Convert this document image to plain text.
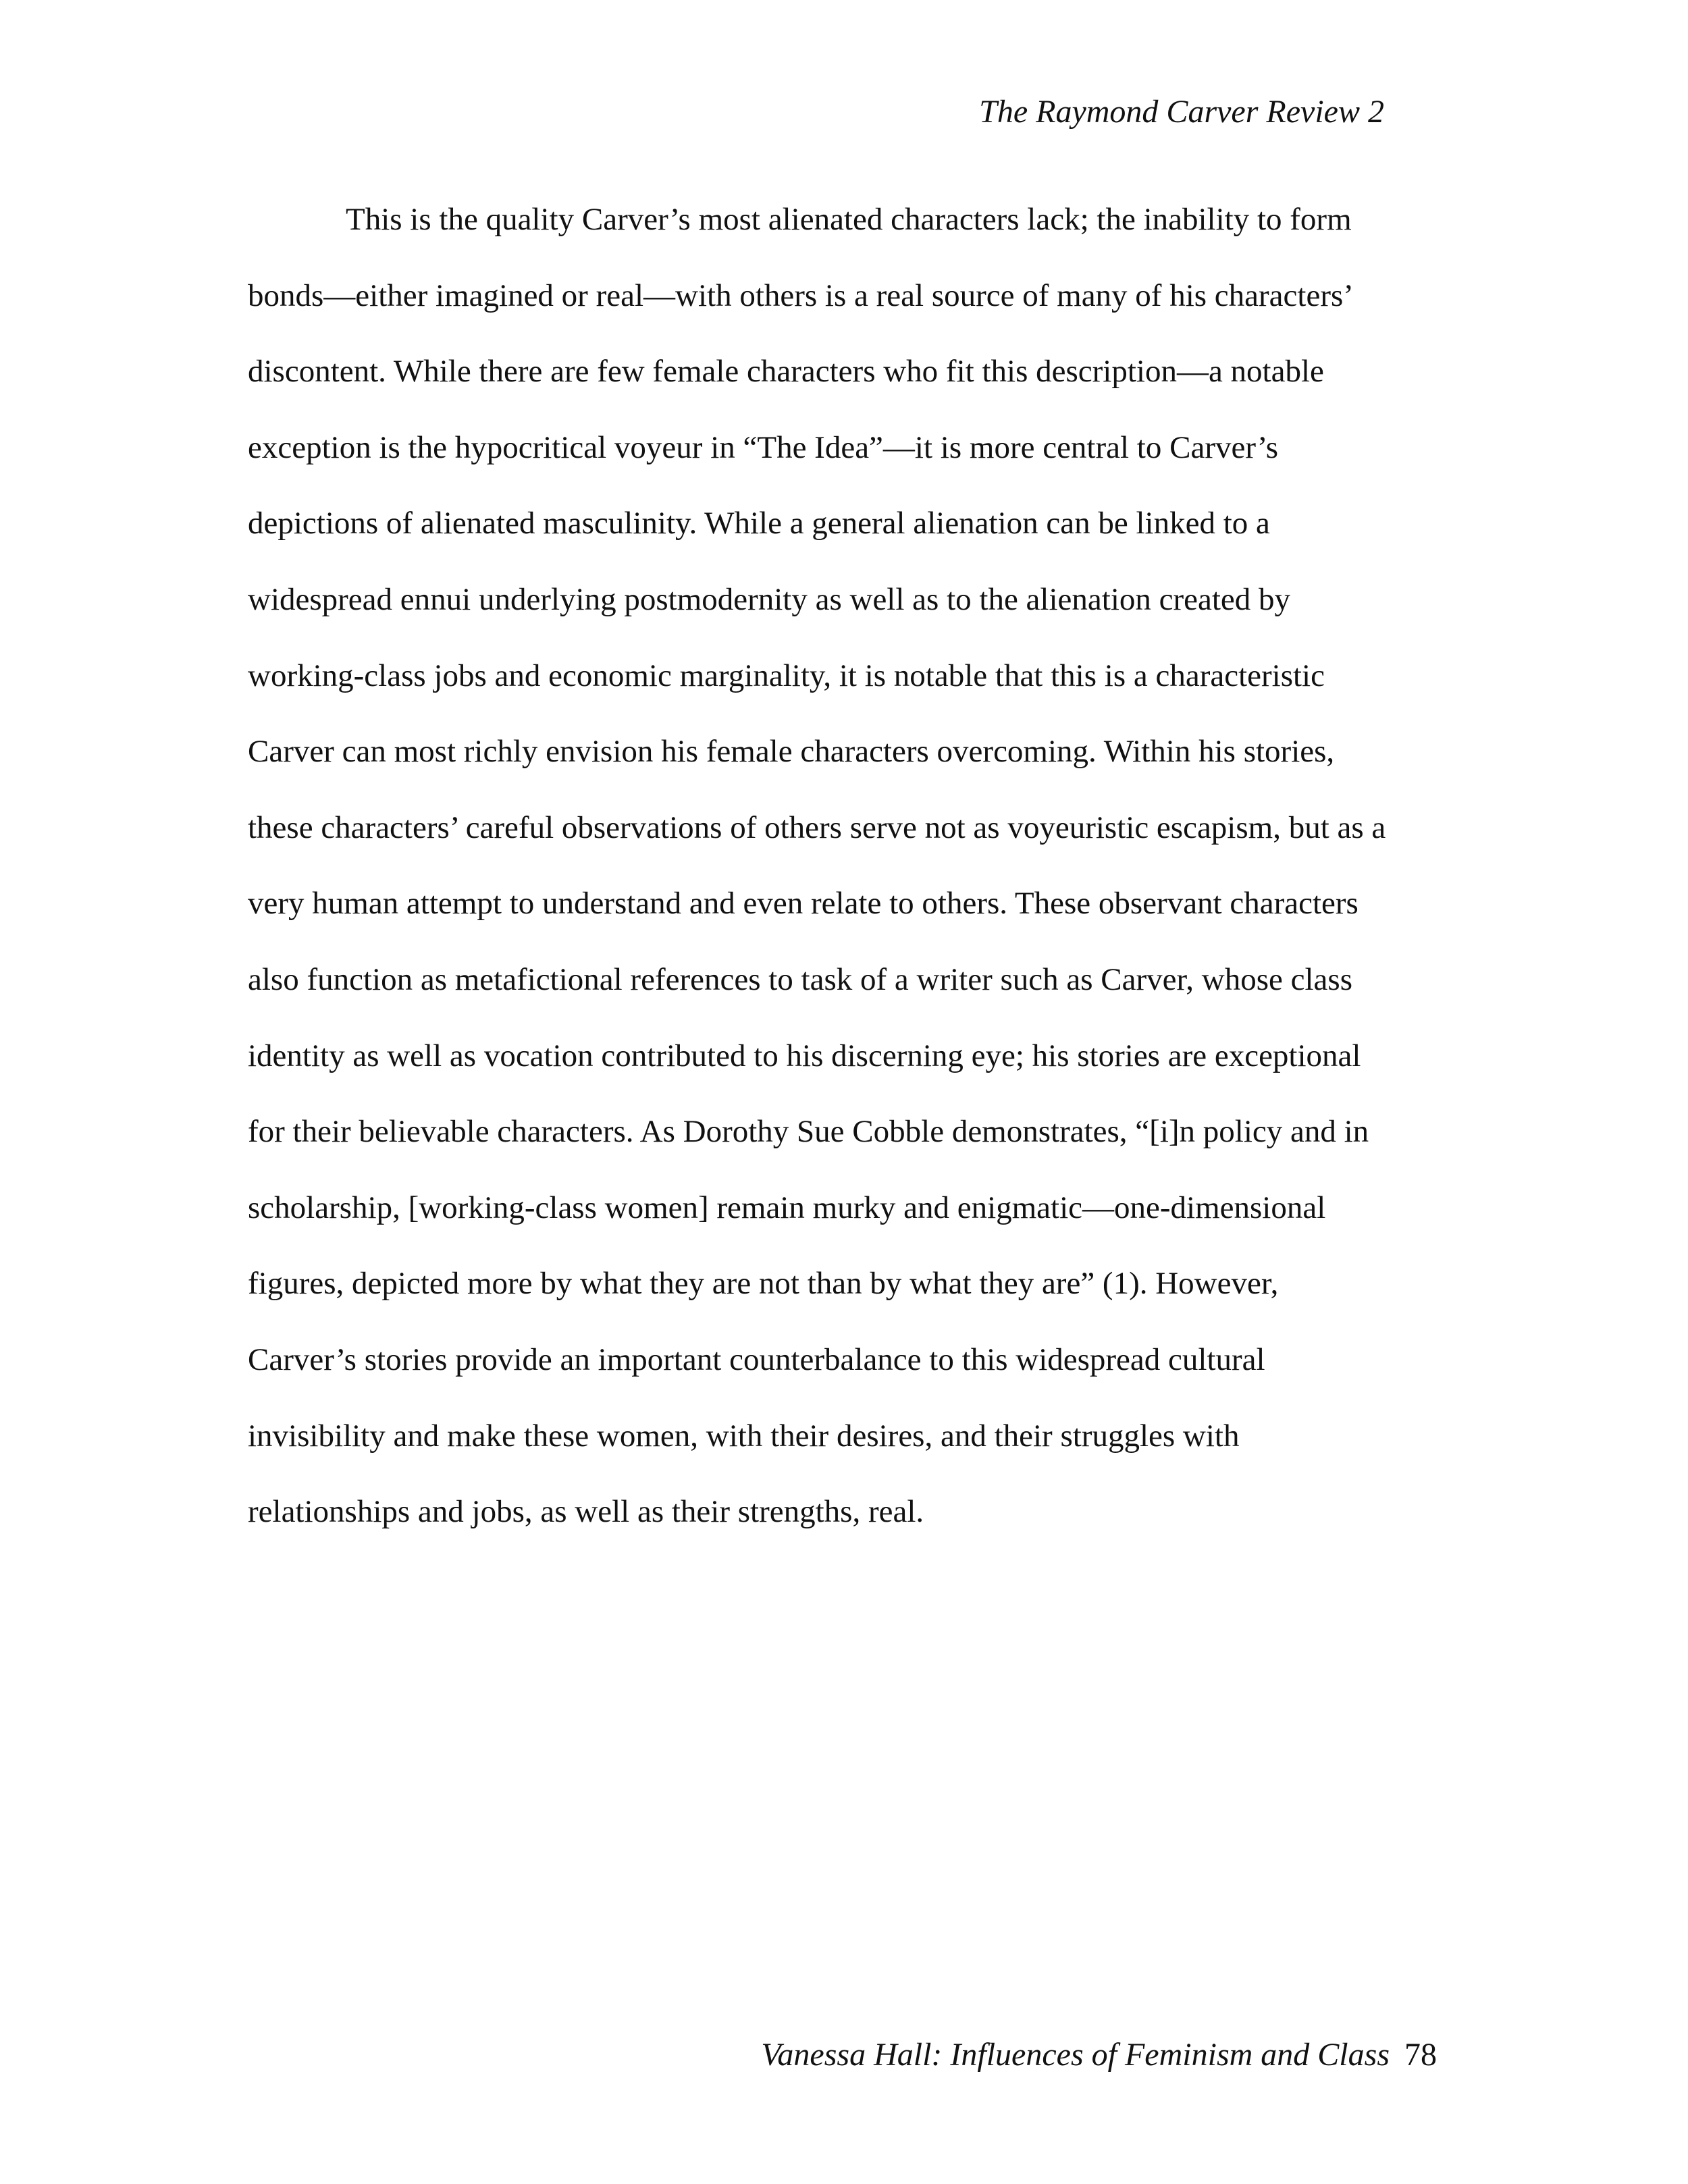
The Raymond Carver Review 2
This is the quality Carver’s most alienated characters lack; the inability to form
bonds—either imagined or real—with others is a real source of many of his characters’
discontent. While there are few female characters who fit this description—a notable
exception is the hypocritical voyeur in “The Idea”—it is more central to Carver’s
depictions of alienated masculinity. While a general alienation can be linked to a
widespread ennui underlying postmodernity as well as to the alienation created by
working-class jobs and economic marginality, it is notable that this is a characteristic
Carver can most richly envision his female characters overcoming. Within his stories,
these characters’ careful observations of others serve not as voyeuristic escapism, but as a
very human attempt to understand and even relate to others. These observant characters
also function as metafictional references to task of a writer such as Carver, whose class
identity as well as vocation contributed to his discerning eye; his stories are exceptional
for their believable characters. As Dorothy Sue Cobble demonstrates, “[i]n policy and in
scholarship, [working-class women] remain murky and enigmatic—one-dimensional
figures, depicted more by what they are not than by what they are” (1). However,
Carver’s stories provide an important counterbalance to this widespread cultural
invisibility and make these women, with their desires, and their struggles with
relationships and jobs, as well as their strengths, real.
Vanessa Hall: Influences of Feminism and Class 78
